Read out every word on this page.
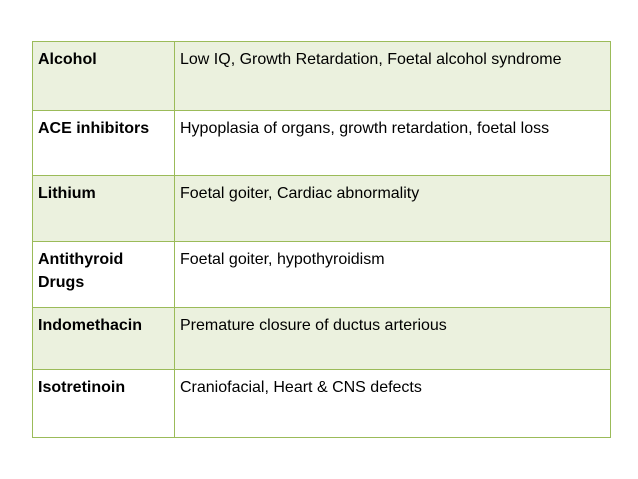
Alcohol	Low IQ, Growth Retardation, Foetal alcohol syndrome
ACE inhibitors	Hypoplasia of organs, growth retardation, foetal loss
Lithium	Foetal goiter, Cardiac abnormality
Antithyroid Drugs	Foetal goiter, hypothyroidism
Indomethacin	Premature closure of ductus arterious
Isotretinoin	Craniofacial, Heart & CNS defects
